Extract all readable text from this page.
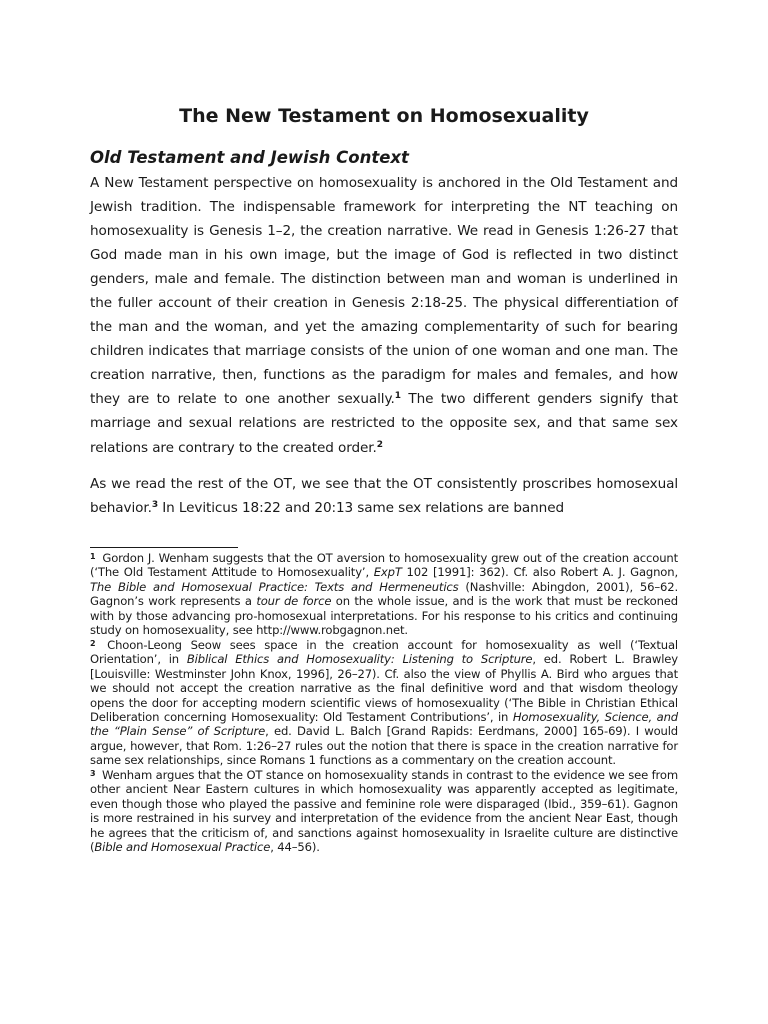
The New Testament on Homosexuality
Old Testament and Jewish Context

A New Testament perspective on homosexuality is anchored in the Old Testament and Jewish tradition. The indispensable framework for interpreting the NT teaching on homosexuality is Genesis 1–2, the creation narrative. We read in Genesis 1:26-27 that God made man in his own image, but the image of God is reflected in two distinct genders, male and female. The distinction between man and woman is underlined in the fuller account of their creation in Genesis 2:18-25. The physical differentiation of the man and the woman, and yet the amazing complementarity of such for bearing children indicates that marriage consists of the union of one woman and one man. The creation narrative, then, functions as the paradigm for males and females, and how they are to relate to one another sexually.$^1$ The two different genders signify that marriage and sexual relations are restricted to the opposite sex, and that same sex relations are contrary to the created order.$^2$

As we read the rest of the OT, we see that the OT consistently proscribes homosexual behavior.$^3$ In Leviticus 18:22 and 20:13 same sex relations are banned

$^1$ Gordon J. Wenham suggests that the OT aversion to homosexuality grew out of the creation account (‘The Old Testament Attitude to Homosexuality’, ExpT 102 [1991]: 362). Cf. also Robert A. J. Gagnon, The Bible and Homosexual Practice: Texts and Hermeneutics (Nashville: Abingdon, 2001), 56–62. Gagnon’s work represents a tour de force on the whole issue, and is the work that must be reckoned with by those advancing pro-homosexual interpretations. For his response to his critics and continuing study on homosexuality, see http://www.robgagnon.net.

$^2$ Choon-Leong Seow sees space in the creation account for homosexuality as well (‘Textual Orientation’, in Biblical Ethics and Homosexuality: Listening to Scripture, ed. Robert L. Brawley [Louisville: Westminster John Knox, 1996], 26–27). Cf. also the view of Phyllis A. Bird who argues that we should not accept the creation narrative as the final definitive word and that wisdom theology opens the door for accepting modern scientific views of homosexuality (‘The Bible in Christian Ethical Deliberation concerning Homosexuality: Old Testament Contributions’, in Homosexuality, Science, and the “Plain Sense” of Scripture, ed. David L. Balch [Grand Rapids: Eerdmans, 2000] 165-69). I would argue, however, that Rom. 1:26–27 rules out the notion that there is space in the creation narrative for same sex relationships, since Romans 1 functions as a commentary on the creation account.

$^3$ Wenham argues that the OT stance on homosexuality stands in contrast to the evidence we see from other ancient Near Eastern cultures in which homosexuality was apparently accepted as legitimate, even though those who played the passive and feminine role were disparaged (Ibid., 359–61). Gagnon is more restrained in his survey and interpretation of the evidence from the ancient Near East, though he agrees that the criticism of, and sanctions against homosexuality in Israelite culture are distinctive (Bible and Homosexual Practice, 44–56).
